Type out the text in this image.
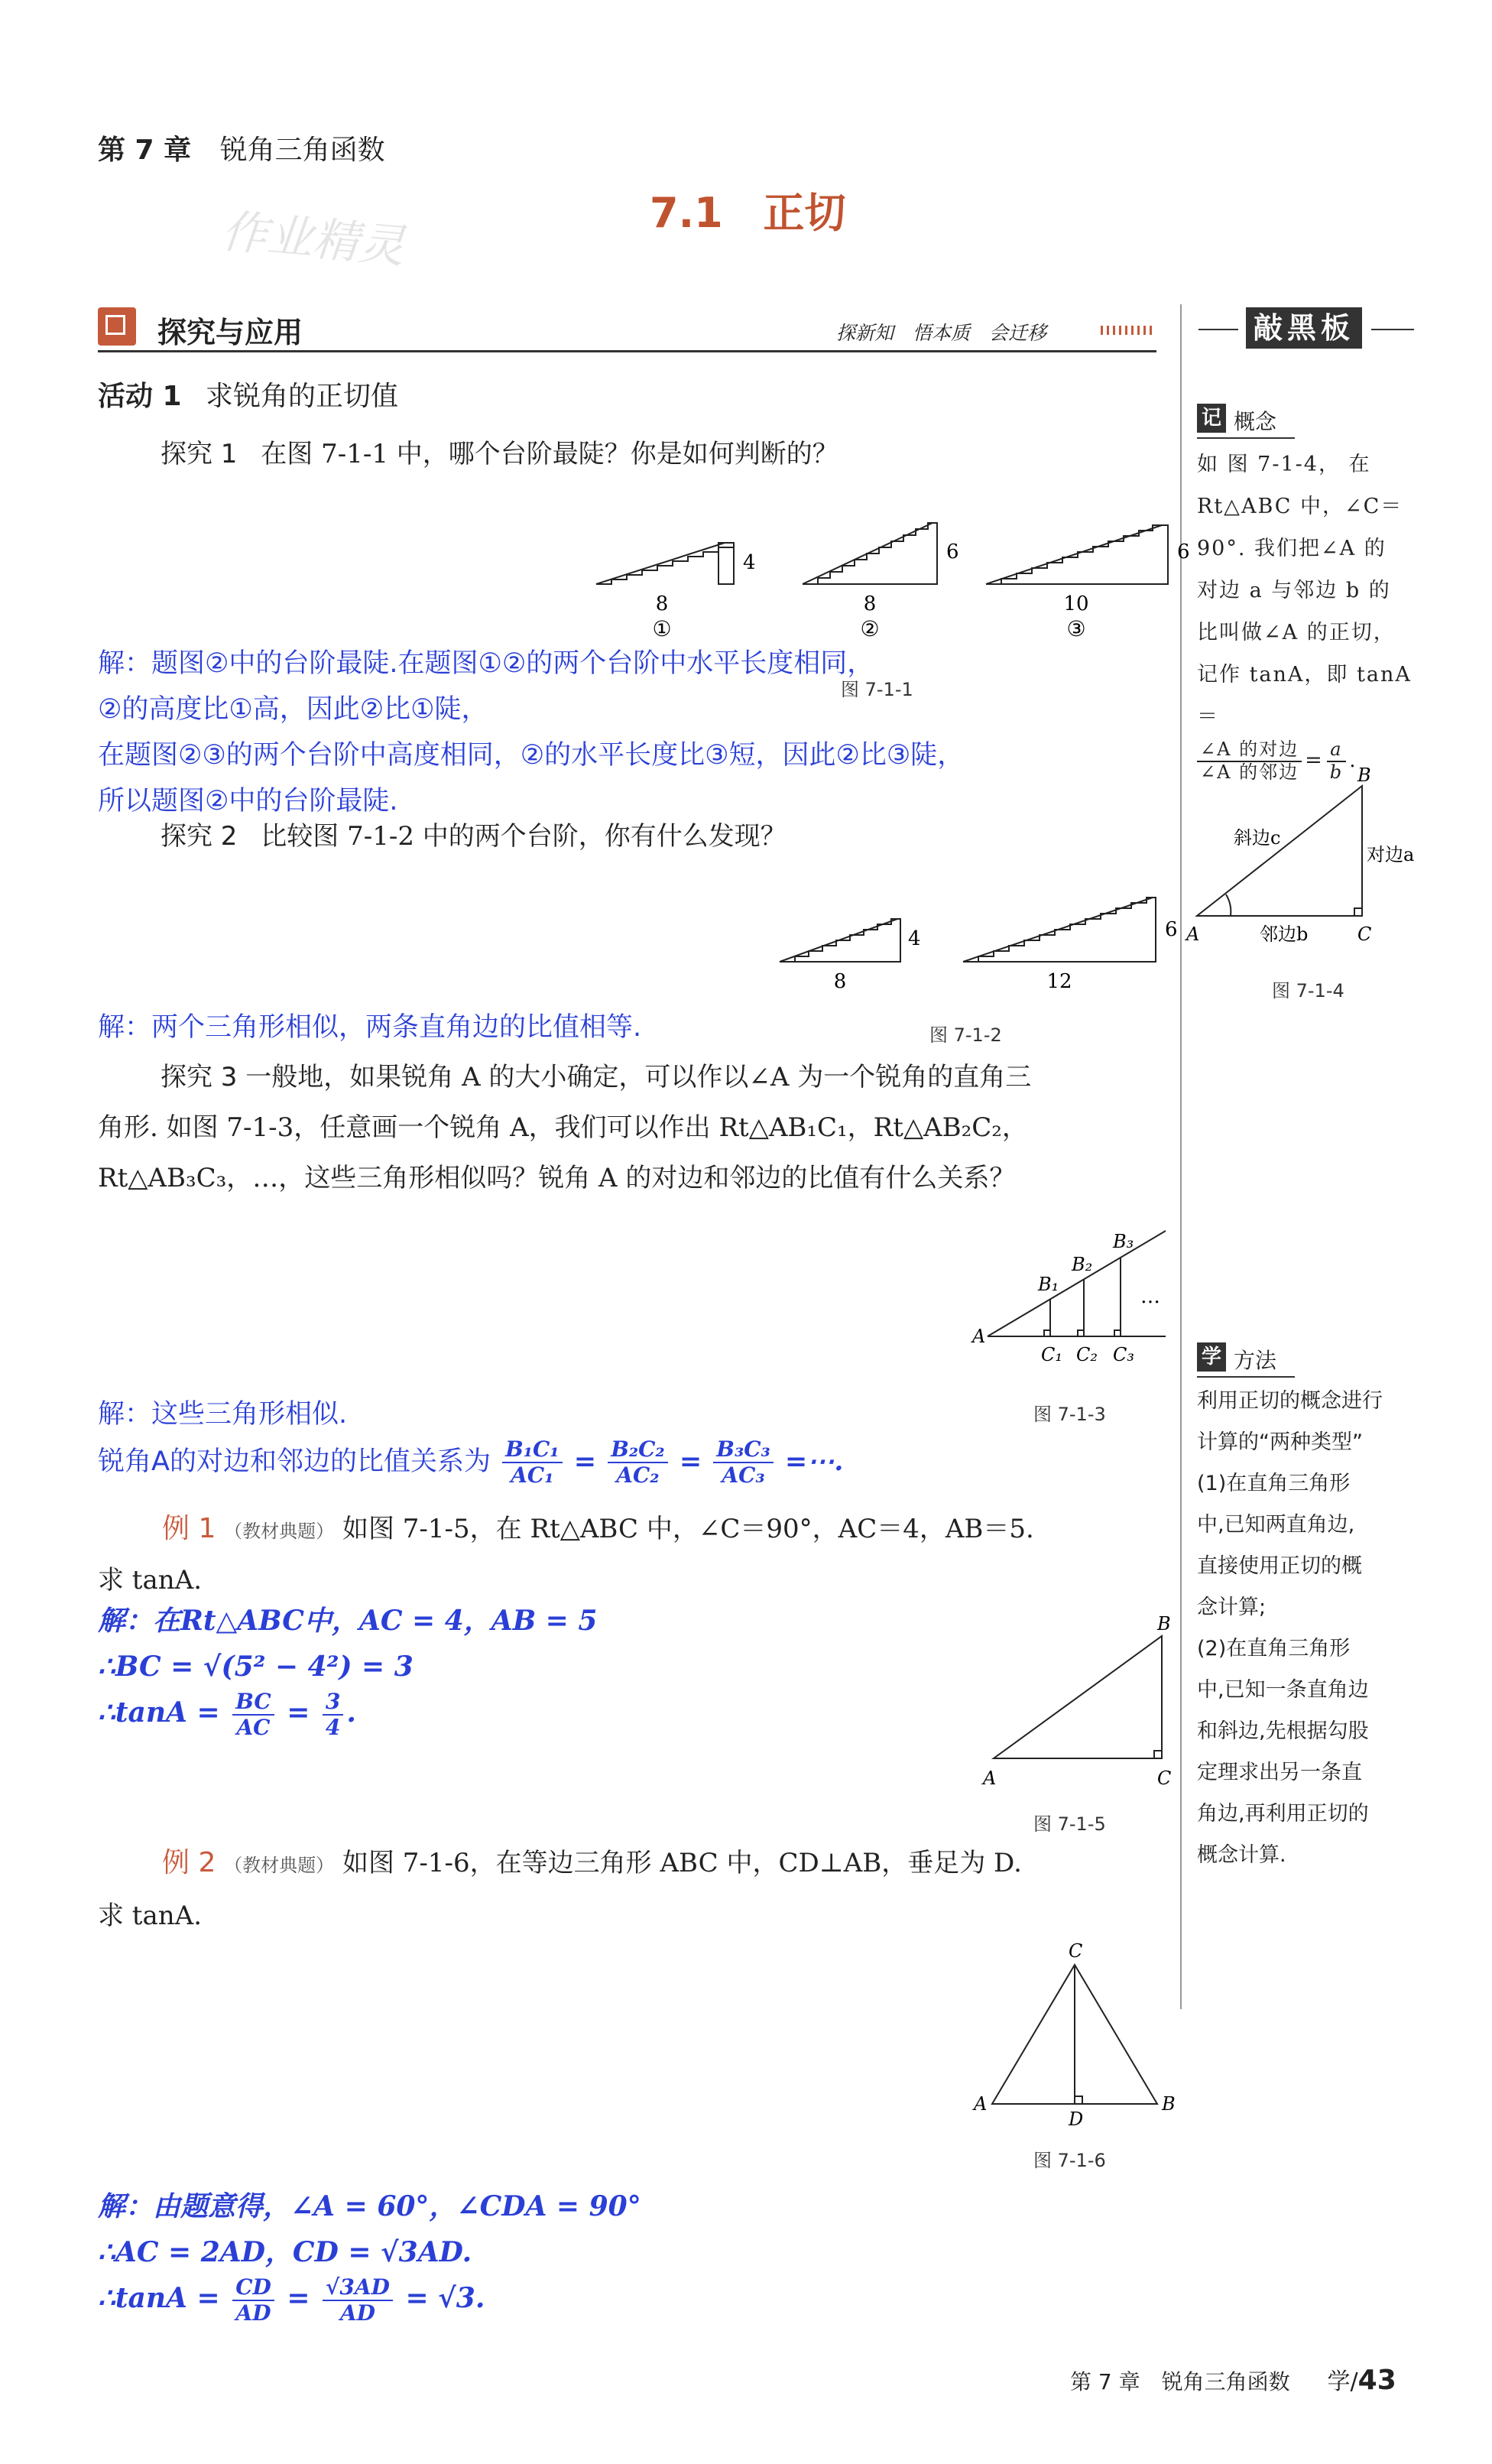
第 7 章 锐角三角函数
7.1 正切
作业精灵
探究与应用	探新知　悟本质　会迁移	敲黑板
活动 1 求锐角的正切值
探究 1 在图 7-1-1 中，哪个台阶最陡？你是如何判断的？
8
4
①
8
6
②
10
6
③
图 7-1-1
解：题图②中的台阶最陡.在题图①②的两个台阶中水平长度相同，
②的高度比①高，因此②比①陡，
在题图②③的两个台阶中高度相同，②的水平长度比③短，因此②比③陡，
所以题图②中的台阶最陡.
探究 2 比较图 7-1-2 中的两个台阶，你有什么发现？
8
4
12
6
图 7-1-2
解：两个三角形相似，两条直角边的比值相等.
探究 3 一般地，如果锐角 A 的大小确定，可以作以∠A 为一个锐角的直角三
角形. 如图 7-1-3，任意画一个锐角 A，我们可以作出 Rt△AB₁C₁，Rt△AB₂C₂，
Rt△AB₃C₃，…，这些三角形相似吗？锐角 A 的对边和邻边的比值有什么关系？
A
B₁
B₂
B₃
C₁ C₂ C₃
…
图 7-1-3
解：这些三角形相似.
锐角A的对边和邻边的比值关系为 $\frac{\text{B₁C₁}}{\text{AC₁}} = \frac{\text{B₂C₂}}{\text{AC₂}} = \frac{\text{B₃C₃}}{\text{AC₃}}$ =⋯.
例 1 （教材典题） 如图 7-1-5，在 Rt△ABC 中，∠C＝90°，AC＝4，AB＝5.
求 tanA.
A
B
C
图 7-1-5
解：在Rt△ABC中，AC = 4，AB = 5
∴BC = √(5² − 4²) = 3
∴tanA = $\frac{BC}{AC} = \frac{3}{4}$ .
例 2 （教材典题） 如图 7-1-6，在等边三角形 ABC 中，CD⊥AB，垂足为 D.
求 tanA.
C
A	B
D
图 7-1-6
解：由题意得，∠A = 60°，∠CDA = 90°
∴AC = 2AD，CD = √3AD.
∴tanA = $\frac{CD}{AD} = \frac{√3AD}{AD} = √3$.
记 概念

如 图 7-1-4， 在

Rt△ABC 中，∠C＝

90°. 我们把∠A 的

对边 a 与邻边 b 的

比叫做∠A 的正切，

记作 tanA，即 tanA＝

$\frac{\text{∠A 的对边}}{\text{∠A 的邻边}} = \frac{a}{b}$ .

A
B
C
斜边c
对边a
邻边b
图 7-1-4
学 方法

利用正切的概念进行

计算的“两种类型”

(1)在直角三角形

中,已知两直角边,

直接使用正切的概

念计算;

(2)在直角三角形

中,已知一条直角边

和斜边,先根据勾股

定理求出另一条直

角边,再利用正切的

概念计算.

第 7 章　锐角三角函数 学/43
